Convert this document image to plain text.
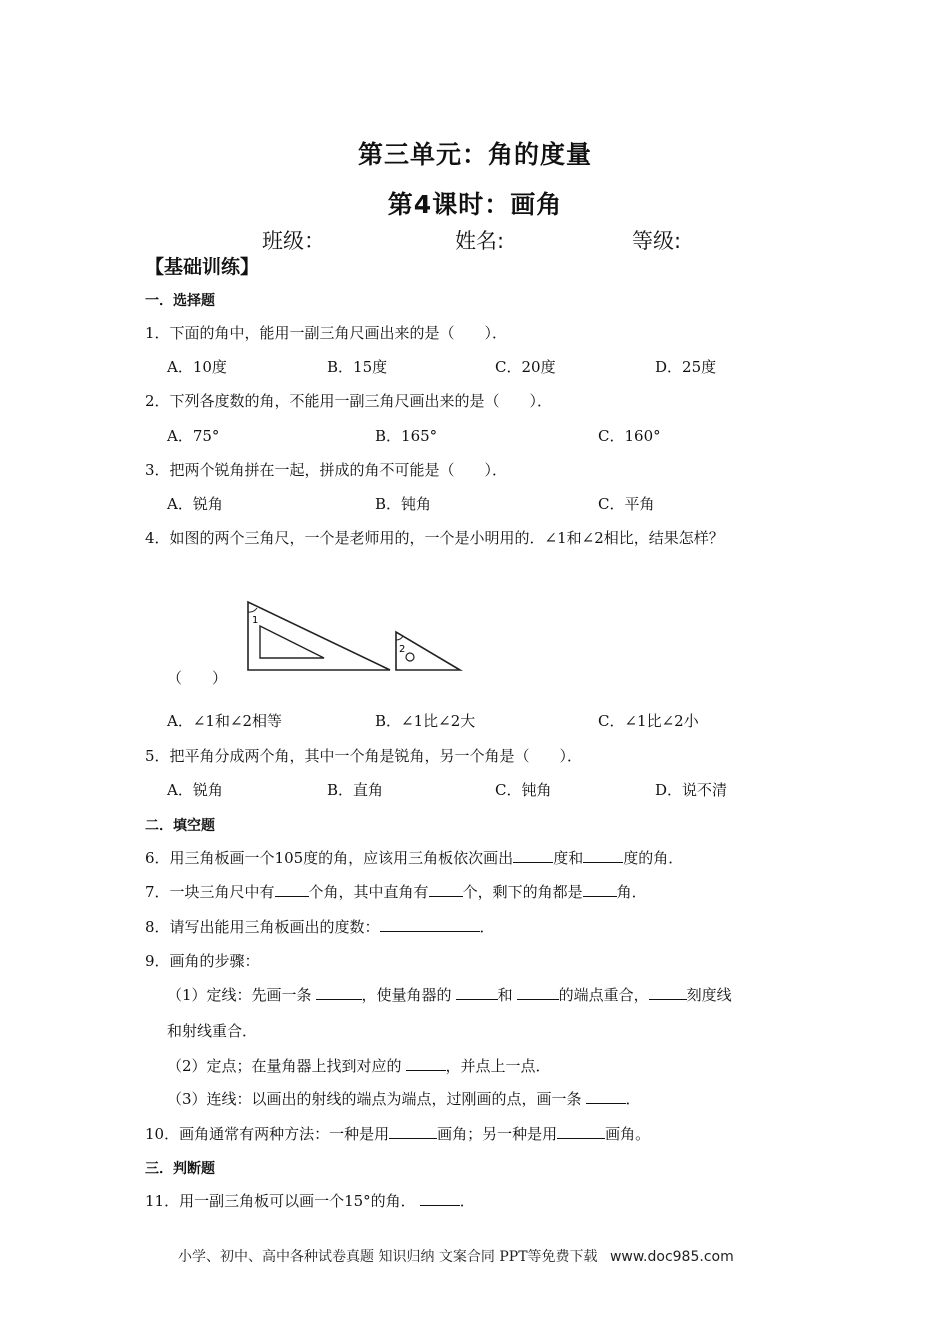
第三单元：角的度量
第4课时：画角
班级：	姓名:	等级:
【基础训练】
一．选择题
1．下面的角中，能用一副三角尺画出来的是（　　）．
A．10度	B．15度	C．20度	D．25度
2．下列各度数的角，不能用一副三角尺画出来的是（　　）．
A．75°	B．165°	C．160°
3．把两个锐角拼在一起，拼成的角不可能是（　　）．
A．锐角	B．钝角	C．平角
4．如图的两个三角尺，一个是老师用的，一个是小明用的．∠1和∠2相比，结果怎样？
1
2
（　　）
A．∠1和∠2相等	B．∠1比∠2大	C．∠1比∠2小
5．把平角分成两个角，其中一个角是锐角，另一个角是（　　）．
A．锐角	B．直角	C．钝角	D．说不清
二．填空题
6．用三角板画一个105度的角，应该用三角板依次画出	度和	度的角．
7．一块三角尺中有 个角，其中直角有 个，剩下的角都是 角．
8．请写出能用三角板画出的度数：	．
9．画角的步骤：
（1）定线：先画一条	，使量角器的	和	的端点重合，	刻度线
和射线重合．
（2）定点；在量角器上找到对应的	，并点上一点．
（3）连线：以画出的射线的端点为端点，过刚画的点，画一条	．
10．画角通常有两种方法：一种是用	画角；另一种是用	画角。
三．判断题
11．用一副三角板可以画一个15°的角．	．
小学、初中、高中各种试卷真题 知识归纳 文案合同 PPT等免费下载 www.doc985.com
